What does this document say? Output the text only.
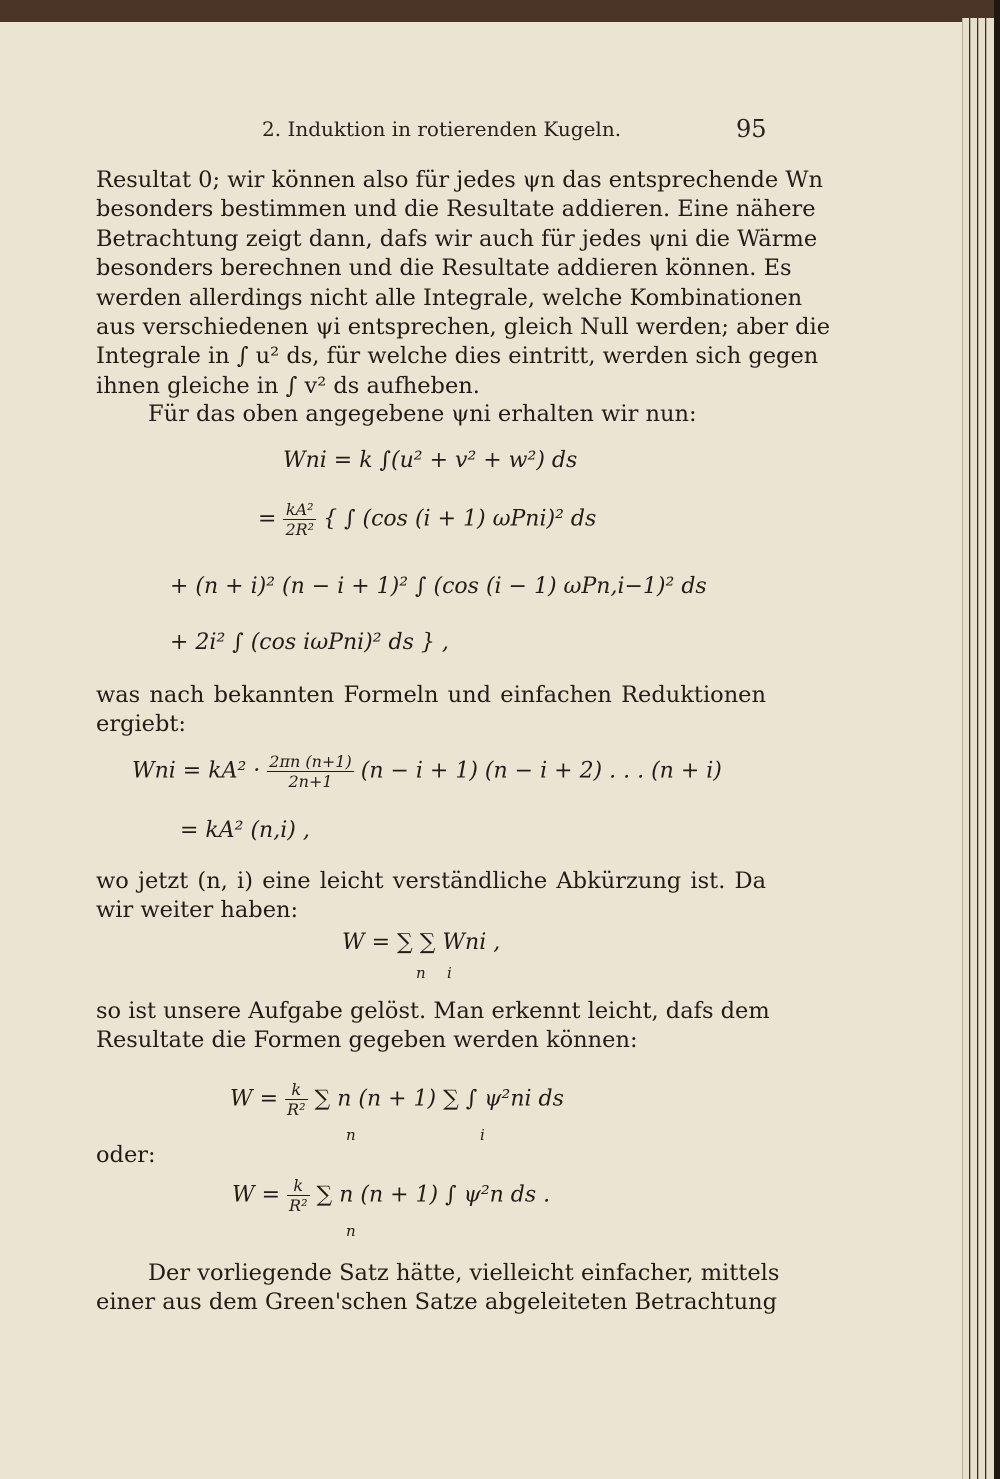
2. Induktion in rotierenden Kugeln.	95
Resultat 0; wir können also für jedes ψn das entsprechende Wn
besonders bestimmen und die Resultate addieren. Eine nähere
Betrachtung zeigt dann, dafs wir auch für jedes ψni die Wärme
besonders berechnen und die Resultate addieren können. Es
werden allerdings nicht alle Integrale, welche Kombinationen
aus verschiedenen ψi entsprechen, gleich Null werden; aber die
Integrale in ∫ u² ds, für welche dies eintritt, werden sich gegen
ihnen gleiche in ∫ v² ds aufheben.
Für das oben angegebene ψni erhalten wir nun:
Wni = k ∫(u² + v² + w²) ds
= $\frac{\text{kA²}}{\text{2R²}}$ { ∫ (cos (i + 1) ωPni)² ds
+ (n + i)² (n − i + 1)² ∫ (cos (i − 1) ωPn,i−1)² ds
+ 2i² ∫ (cos iωPni)² ds } ,
was nach bekannten Formeln und einfachen Reduktionen
ergiebt:
Wni = $kA^2 \cdot \frac{2\pi n (n+1)}{2n+1} (n - i + 1) (n - i + 2)$ . . . (n + i)
= kA² (n,i) ,
wo jetzt (n, i) eine leicht verständliche Abkürzung ist. Da
wir weiter haben:
W = ∑ ∑ Wni ,
n i
so ist unsere Aufgabe gelöst. Man erkennt leicht, dafs dem
Resultate die Formen gegeben werden können:
$W = \frac{k}{\text{R²}}$ ∑ n (n + 1) ∑ ∫ ψ²ni ds
n	i
oder:
$W = \frac{k}{\text{R²}}$ ∑ n (n + 1) ∫ ψ²n ds .
n
Der vorliegende Satz hätte, vielleicht einfacher, mittels
einer aus dem Green'schen Satze abgeleiteten Betrachtung
